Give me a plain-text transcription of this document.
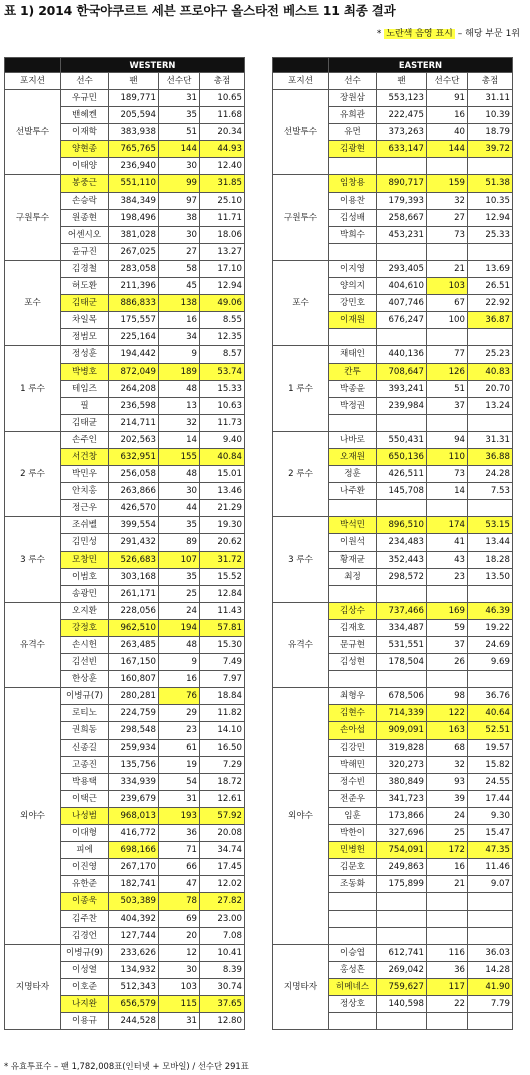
표 1) 2014 한국야쿠르트 세븐 프로야구 올스타전 베스트 11 최종 결과
* 노란색 음영 표시 – 해당 부문 1위
	WESTERN			
포지션	선수	팬	선수단	총점
선발투수	우규민	189,771	31	10.65
	밴헤켄	205,594	35	11.68
	이재학	383,938	51	20.34
	양현종	765,765	144	44.93
	이태양	236,940	30	12.40
구원투수	봉중근	551,110	99	31.85
	손승락	384,349	97	25.10
	원종현	198,496	38	11.71
	어센시오	381,028	30	18.06
	윤규진	267,025	27	13.27
포수	김경철	283,058	58	17.10
	허도환	211,396	45	12.94
	김태군	886,833	138	49.06
	차일목	175,557	16	8.55
	정범모	225,164	34	12.35
1 루수	정성훈	194,442	9	8.57
	박병호	872,049	189	53.74
	테임즈	264,208	48	15.33
	필	236,598	13	10.63
	김태균	214,711	32	11.73
2 루수	손주인	202,563	14	9.40
	서건창	632,951	155	40.84
	박민우	256,058	48	15.01
	안치홍	263,866	30	13.46
	정근우	426,570	44	21.29
3 루수	조쉬벨	399,554	35	19.30
	김민성	291,432	89	20.62
	모창민	526,683	107	31.72
	이범호	303,168	35	15.52
	송광민	261,171	25	12.84
유격수	오지환	228,056	24	11.43
	강정호	962,510	194	57.81
	손시헌	263,485	48	15.30
	김선빈	167,150	9	7.49
	한상훈	160,807	16	7.97
외야수	이병규(7)	280,281	76	18.84
	로티노	224,759	29	11.82
	권희동	298,548	23	14.10
	신종길	259,934	61	16.50
	고종진	135,756	19	7.29
	박용택	334,939	54	18.72
	이택근	239,679	31	12.61
	나성범	968,013	193	57.92
	이대형	416,772	36	20.08
	피에	698,166	71	34.74
	이진영	267,170	66	17.45
	유한준	182,741	47	12.02
	이종욱	503,389	78	27.82
	김주찬	404,392	69	23.00
	김경언	127,744	20	7.08
지명타자	이병규(9)	233,626	12	10.41
	이성열	134,932	30	8.39
	이호준	512,343	103	30.74
	나지완	656,579	115	37.65
	이용규	244,528	31	12.80
	EASTERN			
포지션	선수	팬	선수단	총점
선발투수	장원삼	553,123	91	31.11
	유희관	222,475	16	10.39
	유먼	373,263	40	18.79
	김광현	633,147	144	39.72

구원투수	임창용	890,717	159	51.38
	이용찬	179,393	32	10.35
	김성배	258,667	27	12.94
	박희수	453,231	73	25.33

포수	이지영	293,405	21	13.69
	양의지	404,610	103	26.51
	강민호	407,746	67	22.92
	이재원	676,247	100	36.87

1 루수	채태인	440,136	77	25.23
	칸투	708,647	126	40.83
	박종윤	393,241	51	20.70
	박정권	239,984	37	13.24

2 루수	나바로	550,431	94	31.31
	오재원	650,136	110	36.88
	정훈	426,511	73	24.28
	나주환	145,708	14	7.53

3 루수	박석민	896,510	174	53.15
	이원석	234,483	41	13.44
	황재균	352,443	43	18.28
	최정	298,572	23	13.50

유격수	김상수	737,466	169	46.39
	김재호	334,487	59	19.22
	문규현	531,551	37	24.69
	김성현	178,504	26	9.69

외야수	최형우	678,506	98	36.76
	김현수	714,339	122	40.64
	손아섭	909,091	163	52.51
	김강민	319,828	68	19.57
	박해민	320,273	32	15.82
	정수빈	380,849	93	24.55
	전준우	341,723	39	17.44
	임훈	173,866	24	9.30
	박한이	327,696	25	15.47
	민병헌	754,091	172	47.35
	김문호	249,863	16	11.46
	조동화	175,899	21	9.07

지명타자	이승엽	612,741	116	36.03
	홍성흔	269,042	36	14.28
	히메네스	759,627	117	41.90
	정상호	140,598	22	7.79

* 유효투표수 – 팬 1,782,008표(인터넷 + 모바일) / 선수단 291표
